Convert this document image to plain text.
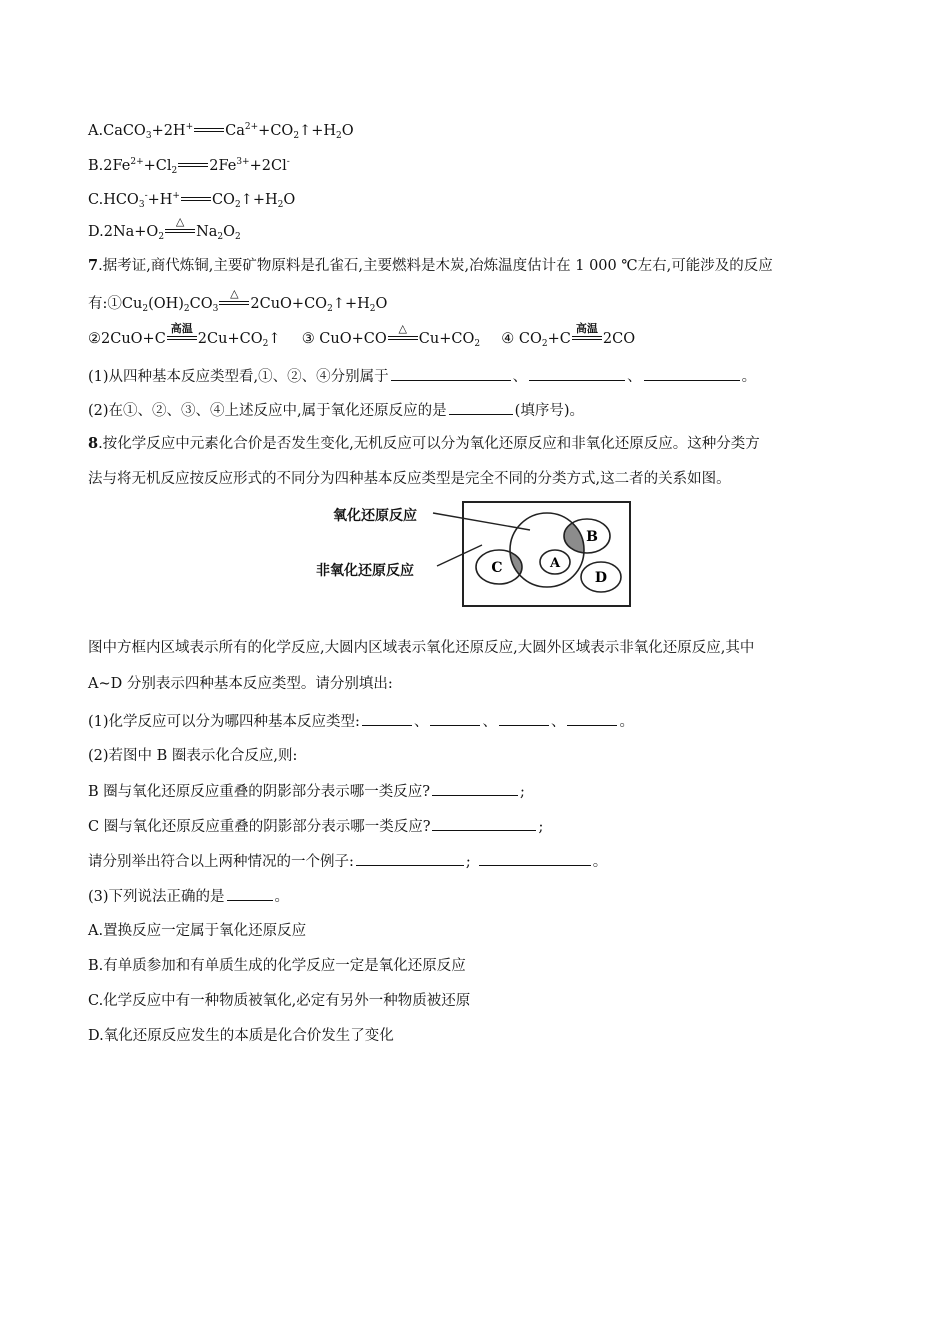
A.CaCO$_3$+2H+ $Ca^{2+}+CO_2↑+H_2O$
$B.2Fe^{2+}+Cl_2$ $2Fe^{3+}+2Cl^-$
$C.HCO_3^-+H^+$ $CO_2↑+H_2O$
$D.2Na+O_2$
△
$Na_2O_2$
7.据考证,商代炼铜,主要矿物原料是孔雀石,主要燃料是木炭,冶炼温度估计在 1 000 ℃左右,可能涉及的反应
有$:①Cu_2(OH)_2CO_3$
△
$2CuO+CO_2↑+H_2O$
②2CuO+C
高温
$2Cu+CO_2↑$ ③ CuO+CO
△
$Cu+CO_2$ ④ $CO_2+C$
高温
2CO
(1)从四种基本反应类型看,①、②、④分别属于	、	、	。
(2)在①、②、③、④上述反应中,属于氧化还原反应的是	(填序号)。
8.按化学反应中元素化合价是否发生变化,无机反应可以分为氧化还原反应和非氧化还原反应。这种分类方
法与将无机反应按反应形式的不同分为四种基本反应类型是完全不同的分类方式,这二者的关系如图。
氧化还原反应
非氧化还原反应
B
C	A
D
图中方框内区域表示所有的化学反应,大圆内区域表示氧化还原反应,大圆外区域表示非氧化还原反应,其中
A~D 分别表示四种基本反应类型。请分别填出:
(1)化学反应可以分为哪四种基本反应类型:	、	、	、	。
(2)若图中 B 圈表示化合反应,则:
B 圈与氧化还原反应重叠的阴影部分表示哪一类反应?	;
C 圈与氧化还原反应重叠的阴影部分表示哪一类反应?	;
请分别举出符合以上两种情况的一个例子:	;	。
(3)下列说法正确的是	。
A.置换反应一定属于氧化还原反应
B.有单质参加和有单质生成的化学反应一定是氧化还原反应
C.化学反应中有一种物质被氧化,必定有另外一种物质被还原
D.氧化还原反应发生的本质是化合价发生了变化
